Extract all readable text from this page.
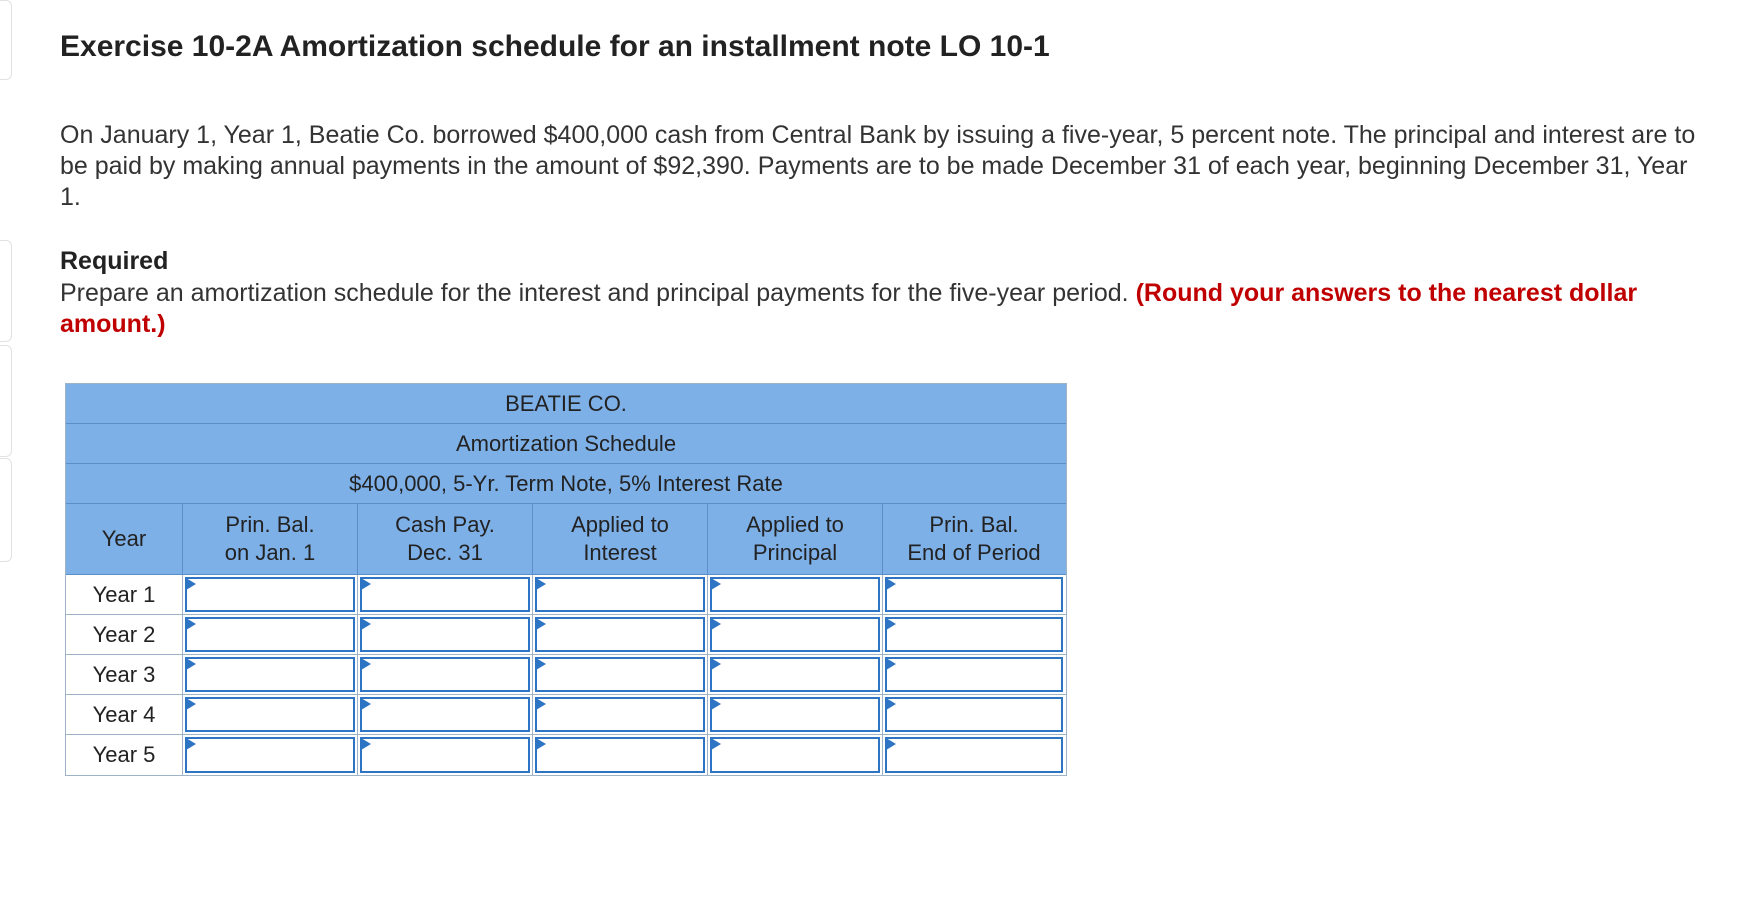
Exercise 10-2A Amortization schedule for an installment note LO 10-1
On January 1, Year 1, Beatie Co. borrowed $400,000 cash from Central Bank by issuing a five-year, 5 percent note. The principal and interest are to be paid by making annual payments in the amount of $92,390. Payments are to be made December 31 of each year, beginning December 31, Year 1.
Required
Prepare an amortization schedule for the interest and principal payments for the five-year period. (Round your answers to the nearest dollar amount.)
BEATIE CO.
Amortization Schedule
$400,000, 5-Yr. Term Note, 5% Interest Rate
Year
Prin. Bal.
on Jan. 1
Cash Pay.
Dec. 31
Applied to
Interest
Applied to
Principal
Prin. Bal.
End of Period
Year 1
Year 2
Year 3
Year 4
Year 5
